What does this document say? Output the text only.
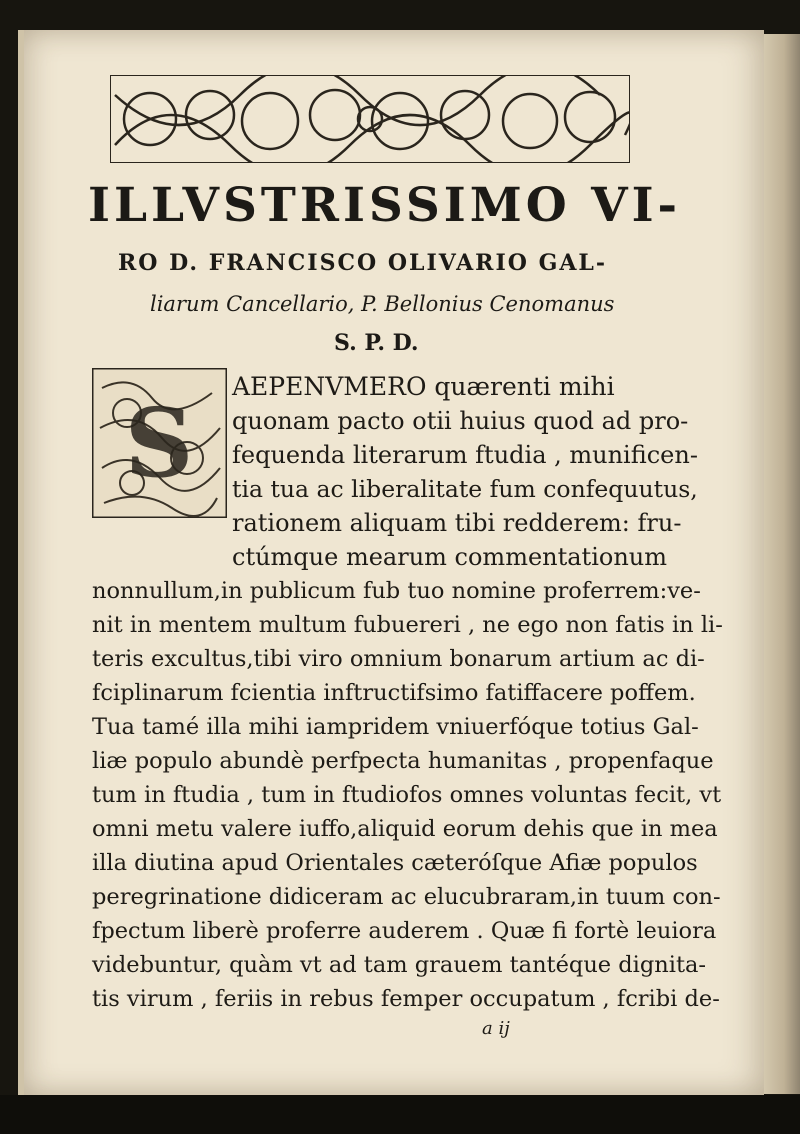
ILLVSTRISSIMO VI-
RO D. FRANCISCO OLIVARIO GAL-
liarum Cancellario, P. Bellonius Cenomanus
S. P. D.
S
AEPENVMERO quærenti mihi
quonam pacto otii huius quod ad pro-
fequenda literarum ftudia , munificen-
tia tua ac liberalitate fum confequutus,
rationem aliquam tibi redderem: fru-
ctúmque mearum commentationum
nonnullum,in publicum fub tuo nomine proferrem:ve-
nit in mentem multum fubuereri , ne ego non fatis in li-
teris excultus,tibi viro omnium bonarum artium ac di-
fciplinarum fcientia inftructifsimo fatiffacere poffem.
Tua tamé illa mihi iampridem vniuerfóque totius Gal-
liæ populo abundè perfpecta humanitas , propenfaque
tum in ftudia , tum in ftudiofos omnes voluntas fecit, vt
omni metu valere iuffo,aliquid eorum dehis que in mea
illa diutina apud Orientales cæteróſque Afiæ populos
peregrinatione didiceram ac elucubraram,in tuum con-
fpectum liberè proferre auderem . Quæ fi fortè leuiora
videbuntur, quàm vt ad tam grauem tantéque dignita-
tis virum , feriis in rebus femper occupatum , fcribi de-
a ij
